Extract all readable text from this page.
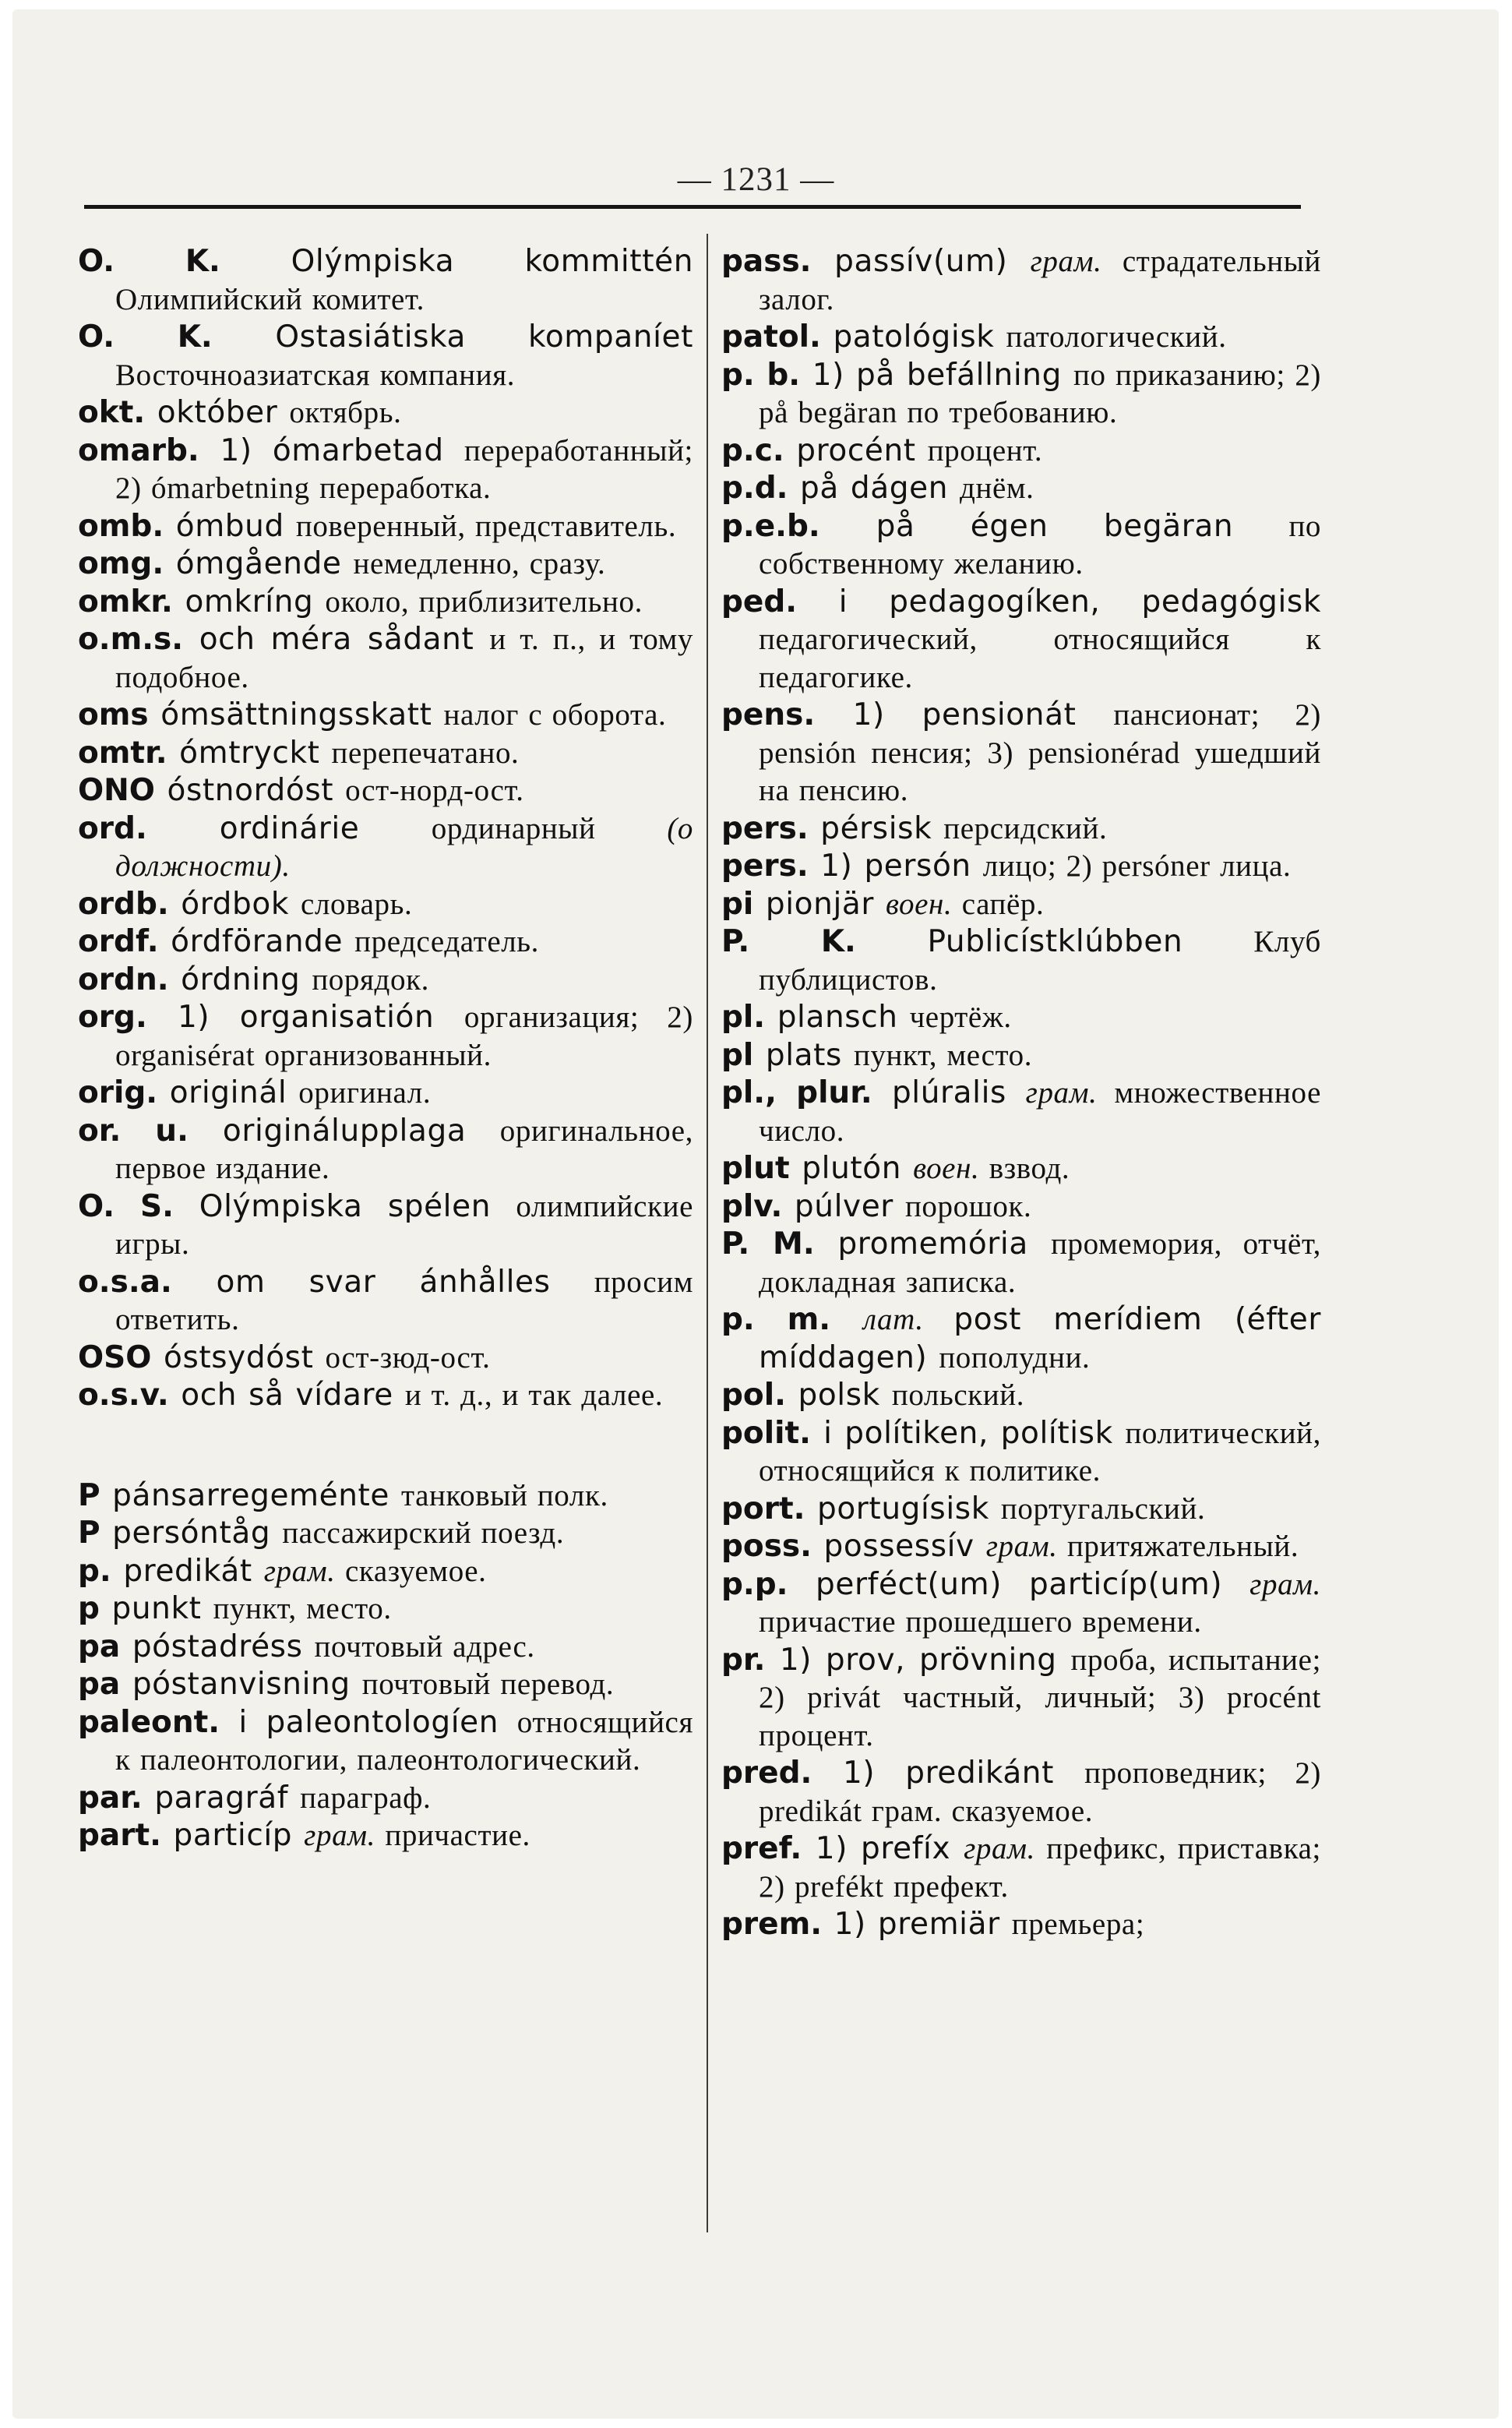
— 1231 —

O. K. Olýmpiska kommitténОлимпийский комитет.

O. K. Ostasiátiska kompaníetВосточноазиатская компания.

okt. október октябрь.

omarb. 1) ómarbetad переработанный; 2) ómarbetning переработка.

omb. ómbud поверенный, представитель.

omg. ómgående немедленно, сразу.

omkr. omkríng около, приблизительно.

o.m.s. och méra sådant и т. п., и тому подобное.

oms ómsättningsskatt налог с оборота.

omtr. ómtryckt перепечатано.

ONO óstnordóst ост-норд-ост.

ord. ordinárie ординарный (о должности).

ordb. órdbok словарь.

ordf. órdförande председатель.

ordn. órdning порядок.

org. 1) organisatión организация; 2) organisérat организованный.

orig. originál оригинал.

or. u. originálupplaga оригинальное, первое издание.

O. S. Olýmpiska spélen олимпийские игры.

o.s.a. om svar ánhålles просим ответить.

OSO óstsydóst ост-зюд-ост.

o.s.v. och så vídare и т. д., и так далее.

P pánsarregeménte танковый полк.

P persóntåg пассажирский поезд.

p. predikát грам. сказуемое.

p punkt пункт, место.

pa póstadréss почтовый адрес.

pa póstanvisning почтовый перевод.

paleont. i paleontologíen относящийся к палеонтологии, палеонтологический.

par. paragráf параграф.

part. particíp грам. причастие.

pass. passív(um) грам. страдательный залог.

patol. patológisk патологический.

p. b. 1) på befállning по приказанию; 2) på begäran по требованию.

p.c. procént процент.

p.d. på dágen днём.

p.e.b. på égen begäran по собственному желанию.

ped. i pedagogíken, pedagógiskпедагогический, относящийся к педагогике.

pens. 1) pensionát пансионат; 2) pensión пенсия; 3) pensionérad ушедший на пенсию.

pers. pérsisk персидский.

pers. 1) persón лицо; 2) persóner лица.

pi pionjär воен. сапёр.

P. K. Publicístklúbben Клуб публицистов.

pl. plansch чертёж.

pl plats пункт, место.

pl., plur. plúralis грам. множественное число.

plut plutón воен. взвод.

plv. púlver порошок.

P. M. promemória промемория, отчёт, докладная записка.

p. m. лат. post merídiem (éfter míddagen) пополудни.

pol. polsk польский.

polit. i polítiken, polítisk политический, относящийся к политике.

port. portugísisk португальский.

poss. possessív грам. притяжательный.

p.p. perféct(um) particíp(um) грам.причастие прошедшего времени.

pr. 1) prov, prövning проба, испытание; 2) privát частный, личный; 3) procént процент.

pred. 1) predikánt проповедник; 2) predikát грам. сказуемое.

pref. 1) prefíx грам. префикс, приставка; 2) prefékt префект.

prem. 1) premiär премьера;
